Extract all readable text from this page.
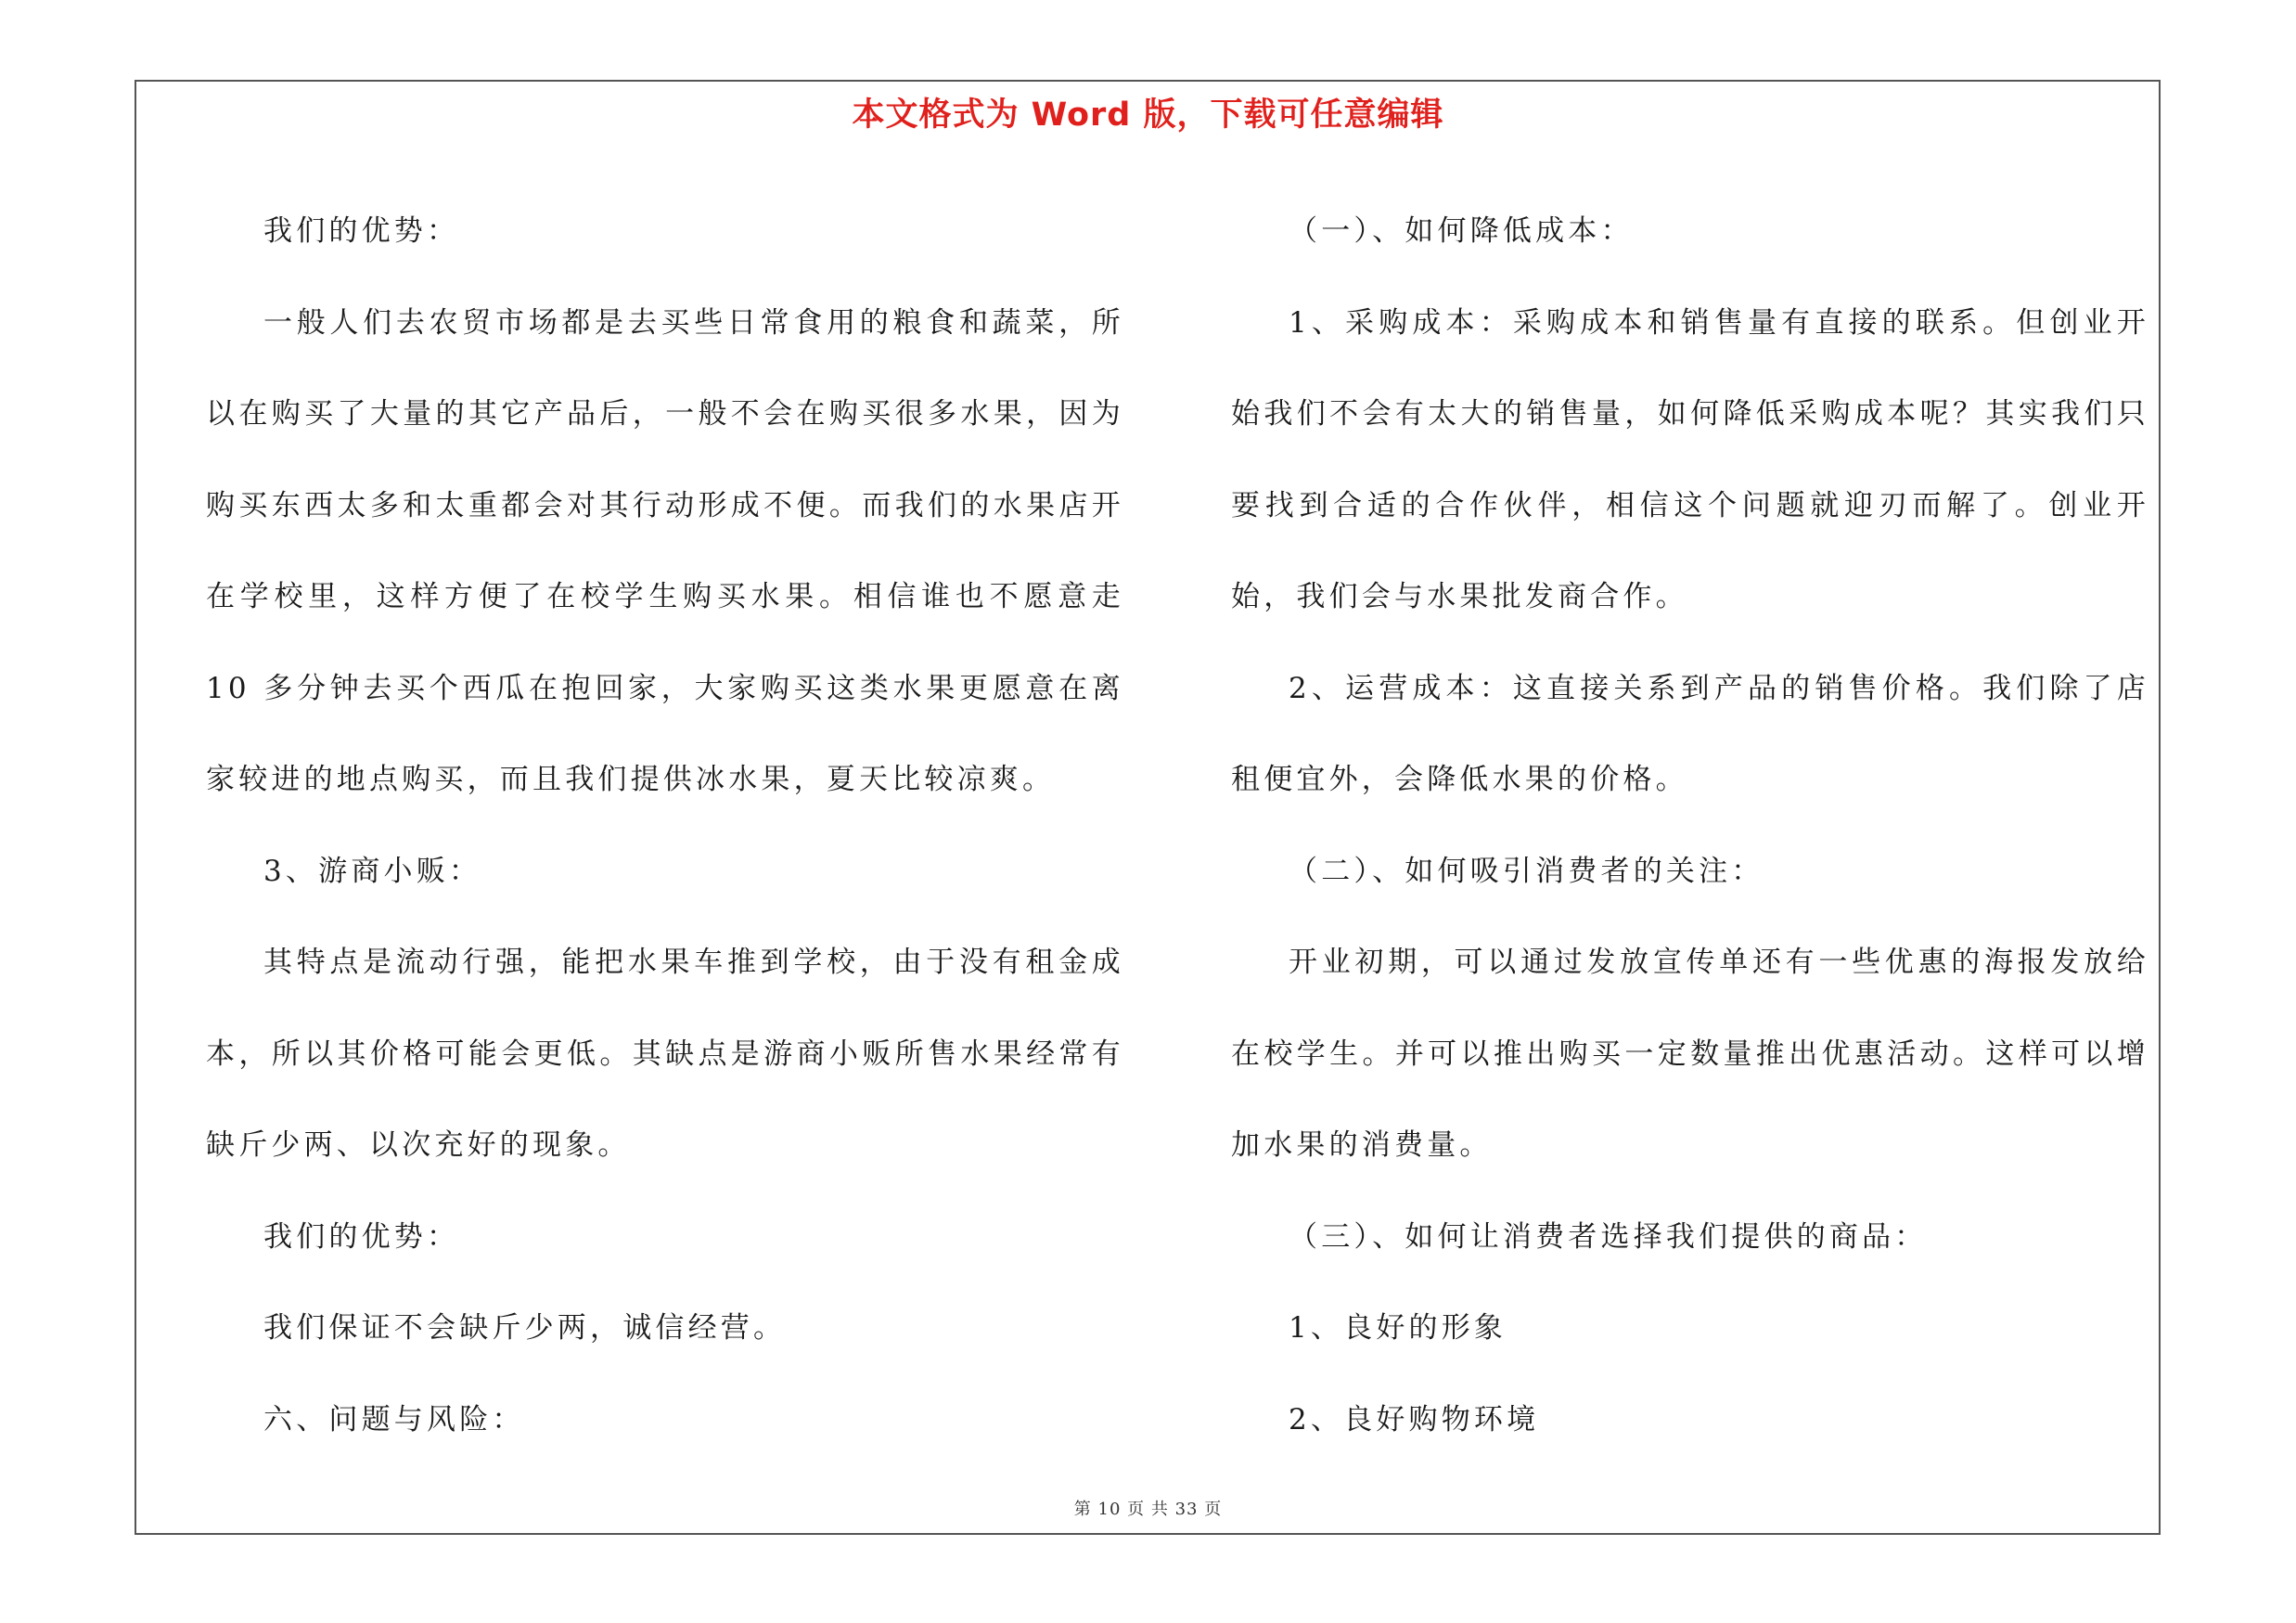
本文格式为 Word 版，下载可任意编辑

我们的优势：

一般人们去农贸市场都是去买些日常食用的粮食和蔬菜，所以在购买了大量的其它产品后，一般不会在购买很多水果，因为购买东西太多和太重都会对其行动形成不便。而我们的水果店开在学校里，这样方便了在校学生购买水果。相信谁也不愿意走 10 多分钟去买个西瓜在抱回家，大家购买这类水果更愿意在离家较进的地点购买，而且我们提供冰水果，夏天比较凉爽。

3、游商小贩：

其特点是流动行强，能把水果车推到学校，由于没有租金成本，所以其价格可能会更低。其缺点是游商小贩所售水果经常有缺斤少两、以次充好的现象。

我们的优势：

我们保证不会缺斤少两，诚信经营。

六、问题与风险：

（一）、如何降低成本：

1、采购成本：采购成本和销售量有直接的联系。但创业开始我们不会有太大的销售量，如何降低采购成本呢？其实我们只要找到合适的合作伙伴，相信这个问题就迎刃而解了。创业开始，我们会与水果批发商合作。

2、运营成本：这直接关系到产品的销售价格。我们除了店租便宜外，会降低水果的价格。

（二）、如何吸引消费者的关注：

开业初期，可以通过发放宣传单还有一些优惠的海报发放给在校学生。并可以推出购买一定数量推出优惠活动。这样可以增加水果的消费量。

（三）、如何让消费者选择我们提供的商品：

1、良好的形象

2、良好购物环境

第 10 页 共 33 页
